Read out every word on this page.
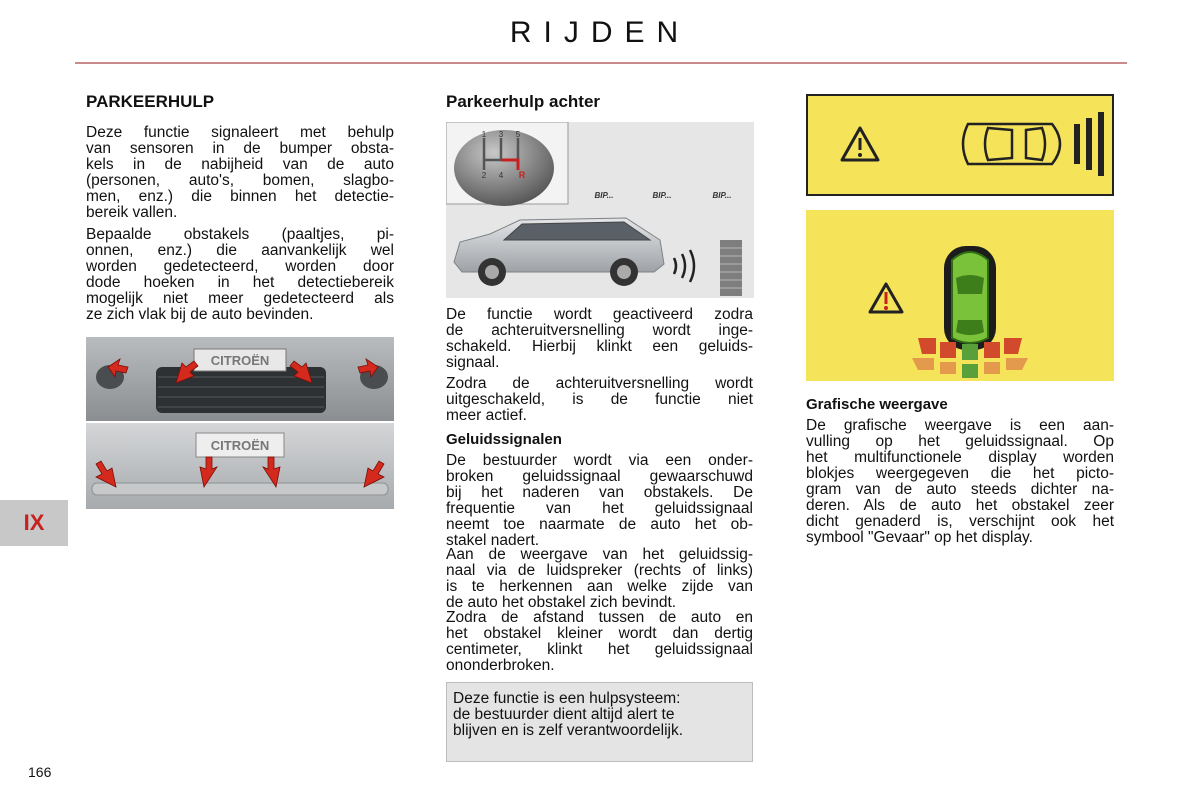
RIJDEN
IX
166
PARKEERHULP
Deze functie signaleert met behulp
van sensoren in de bumper obsta-
kels in de nabijheid van de auto
(personen, auto's, bomen, slagbo-
men, enz.) die binnen het detectie-
bereik vallen.
Bepaalde obstakels (paaltjes, pi-
onnen, enz.) die aanvankelijk wel
worden gedetecteerd, worden door
dode hoeken in het detectiebereik
mogelijk niet meer gedetecteerd als
ze zich vlak bij de auto bevinden.
CITROËN
CITROËN
Parkeerhulp achter
1 3 5
2 4 R
BIP...	BIP...	BIP...
De functie wordt geactiveerd zodra
de achteruitversnelling wordt inge-
schakeld. Hierbij klinkt een geluids-
signaal.
Zodra de achteruitversnelling wordt
uitgeschakeld, is de functie niet
meer actief.
Geluidssignalen
De bestuurder wordt via een onder-
broken geluidssignaal gewaarschuwd
bij het naderen van obstakels. De
frequentie van het geluidssignaal
neemt toe naarmate de auto het ob-
stakel nadert.
Aan de weergave van het geluidssig-
naal via de luidspreker (rechts of links)
is te herkennen aan welke zijde van
de auto het obstakel zich bevindt.
Zodra de afstand tussen de auto en
het obstakel kleiner wordt dan dertig
centimeter, klinkt het geluidssignaal
ononderbroken.
Deze functie is een hulpsysteem:
de bestuurder dient altijd alert te
blijven en is zelf verantwoordelijk.
Grafische weergave
De grafische weergave is een aan-
vulling op het geluidssignaal. Op
het multifunctionele display worden
blokjes weergegeven die het picto-
gram van de auto steeds dichter na-
deren. Als de auto het obstakel zeer
dicht genaderd is, verschijnt ook het
symbool "Gevaar" op het display.
